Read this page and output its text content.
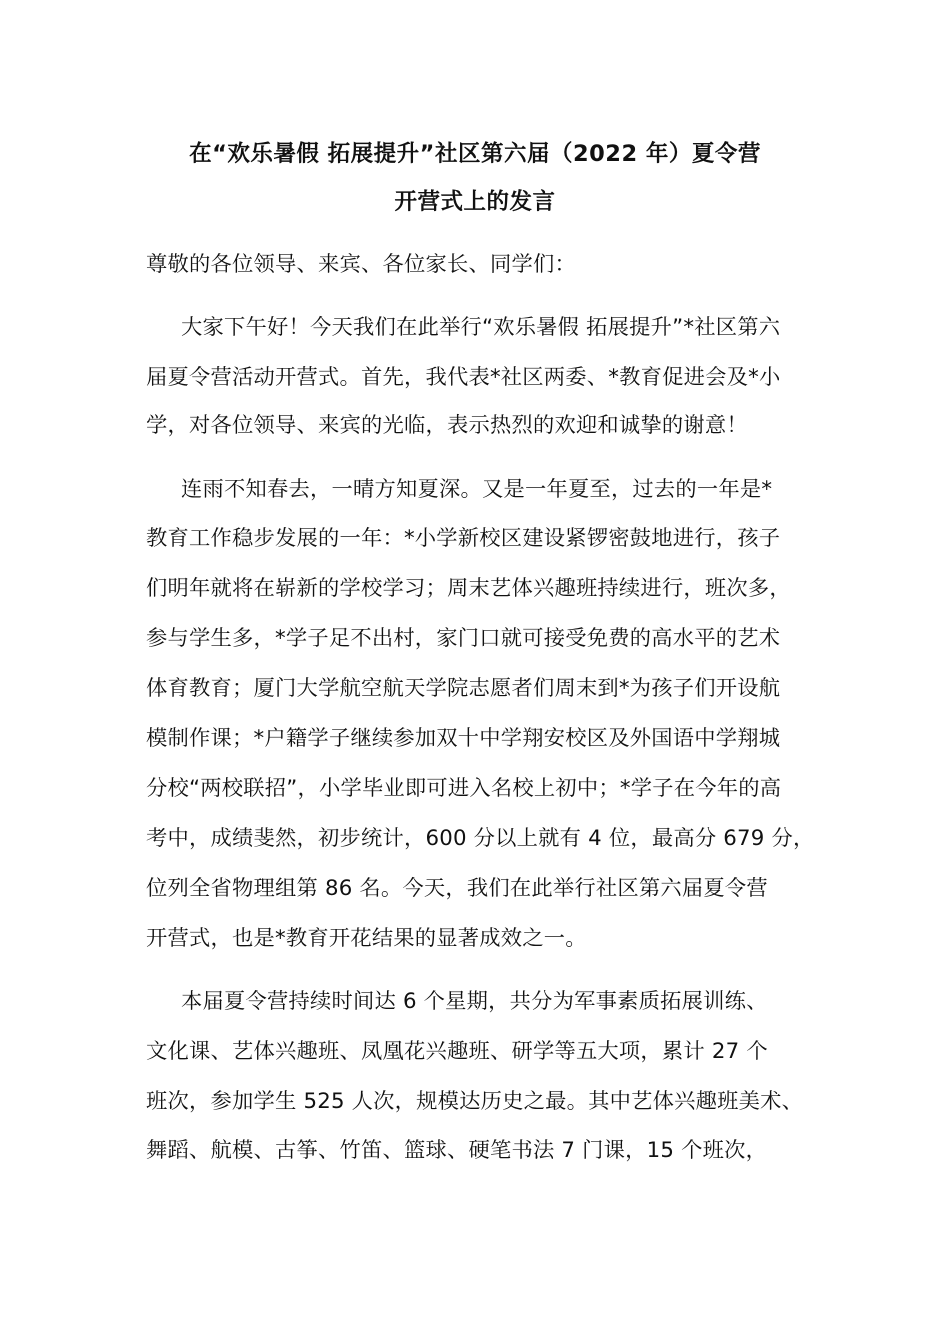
在“欢乐暑假 拓展提升”社区第六届（2022 年）夏令营
开营式上的发言
尊敬的各位领导、来宾、各位家长、同学们：
大家下午好！今天我们在此举行“欢乐暑假 拓展提升”*社区第六
届夏令营活动开营式。首先，我代表*社区两委、*教育促进会及*小
学，对各位领导、来宾的光临，表示热烈的欢迎和诚挚的谢意！
连雨不知春去，一晴方知夏深。又是一年夏至，过去的一年是*
教育工作稳步发展的一年：*小学新校区建设紧锣密鼓地进行，孩子
们明年就将在崭新的学校学习；周末艺体兴趣班持续进行，班次多，
参与学生多，*学子足不出村，家门口就可接受免费的高水平的艺术
体育教育；厦门大学航空航天学院志愿者们周末到*为孩子们开设航
模制作课；*户籍学子继续参加双十中学翔安校区及外国语中学翔城
分校“两校联招”，小学毕业即可进入名校上初中；*学子在今年的高
考中，成绩斐然，初步统计，600 分以上就有 4 位，最高分 679 分，
位列全省物理组第 86 名。今天，我们在此举行社区第六届夏令营
开营式，也是*教育开花结果的显著成效之一。
本届夏令营持续时间达 6 个星期，共分为军事素质拓展训练、
文化课、艺体兴趣班、凤凰花兴趣班、研学等五大项，累计 27 个
班次，参加学生 525 人次，规模达历史之最。其中艺体兴趣班美术、
舞蹈、航模、古筝、竹笛、篮球、硬笔书法 7 门课，15 个班次，
